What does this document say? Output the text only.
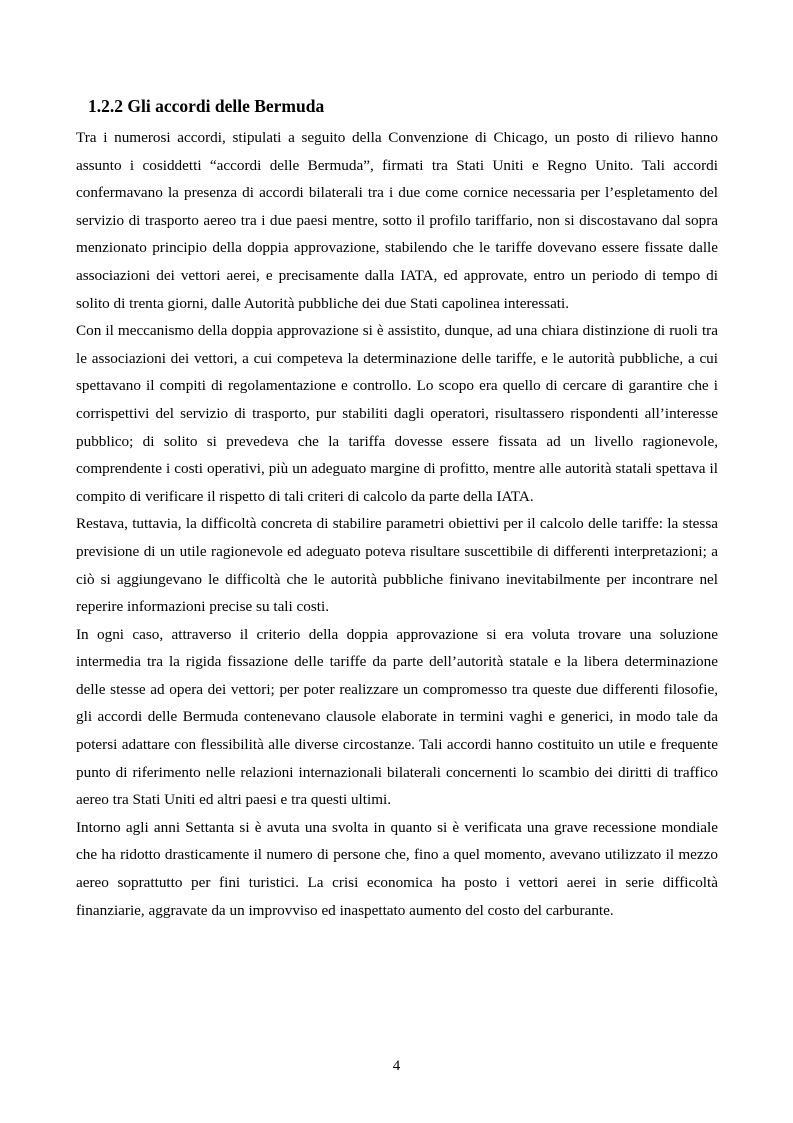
1.2.2 Gli accordi delle Bermuda

Tra i numerosi accordi, stipulati a seguito della Convenzione di Chicago, un posto di rilievo hanno assunto i cosiddetti “accordi delle Bermuda”, firmati tra Stati Uniti e Regno Unito. Tali accordi confermavano la presenza di accordi bilaterali tra i due come cornice necessaria per l’espletamento del servizio di trasporto aereo tra i due paesi mentre, sotto il profilo tariffario, non si discostavano dal sopra menzionato principio della doppia approvazione, stabilendo che le tariffe dovevano essere fissate dalle associazioni dei vettori aerei, e precisamente dalla IATA, ed approvate, entro un periodo di tempo di solito di trenta giorni, dalle Autorità pubbliche dei due Stati capolinea interessati.

Con il meccanismo della doppia approvazione si è assistito, dunque, ad una chiara distinzione di ruoli tra le associazioni dei vettori, a cui competeva la determinazione delle tariffe, e le autorità pubbliche, a cui spettavano il compiti di regolamentazione e controllo. Lo scopo era quello di cercare di garantire che i corrispettivi del servizio di trasporto, pur stabiliti dagli operatori, risultassero rispondenti all’interesse pubblico; di solito si prevedeva che la tariffa dovesse essere fissata ad un livello ragionevole, comprendente i costi operativi, più un adeguato margine di profitto, mentre alle autorità statali spettava il compito di verificare il rispetto di tali criteri di calcolo da parte della IATA.

Restava, tuttavia, la difficoltà concreta di stabilire parametri obiettivi per il calcolo delle tariffe: la stessa previsione di un utile ragionevole ed adeguato poteva risultare suscettibile di differenti interpretazioni; a ciò si aggiungevano le difficoltà che le autorità pubbliche finivano inevitabilmente per incontrare nel reperire informazioni precise su tali costi.

In ogni caso, attraverso il criterio della doppia approvazione si era voluta trovare una soluzione intermedia tra la rigida fissazione delle tariffe da parte dell’autorità statale e la libera determinazione delle stesse ad opera dei vettori; per poter realizzare un compromesso tra queste due differenti filosofie, gli accordi delle Bermuda contenevano clausole elaborate in termini vaghi e generici, in modo tale da potersi adattare con flessibilità alle diverse circostanze. Tali accordi hanno costituito un utile e frequente punto di riferimento nelle relazioni internazionali bilaterali concernenti lo scambio dei diritti di traffico aereo tra Stati Uniti ed altri paesi e tra questi ultimi.

Intorno agli anni Settanta si è avuta una svolta in quanto si è verificata una grave recessione mondiale che ha ridotto drasticamente il numero di persone che, fino a quel momento, avevano utilizzato il mezzo aereo soprattutto per fini turistici. La crisi economica ha posto i vettori aerei in serie difficoltà finanziarie, aggravate da un improvviso ed inaspettato aumento del costo del carburante.

4
